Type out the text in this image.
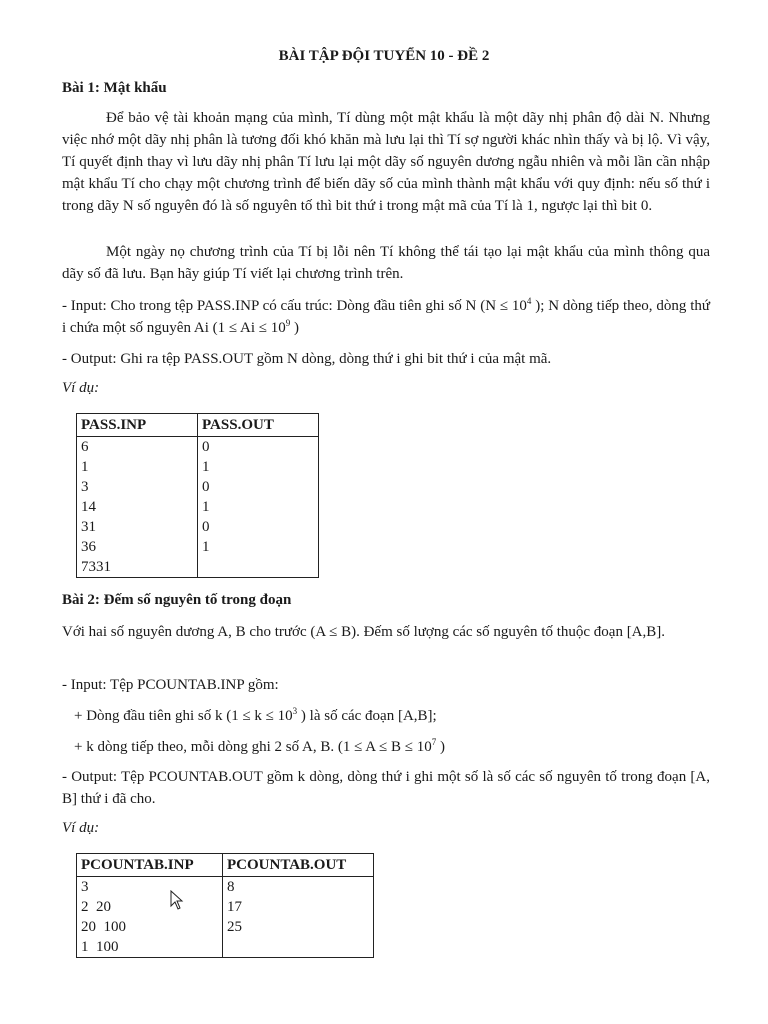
BÀI TẬP ĐỘI TUYỂN 10 - ĐỀ 2
Bài 1: Mật khẩu
Để bảo vệ tài khoản mạng của mình, Tí dùng một mật khẩu là một dãy nhị phân độ dài N. Nhưng việc nhớ một dãy nhị phân là tương đối khó khăn mà lưu lại thì Tí sợ người khác nhìn thấy và bị lộ. Vì vậy, Tí quyết định thay vì lưu dãy nhị phân Tí lưu lại một dãy số nguyên dương ngẫu nhiên và mỗi lần cần nhập mật khẩu Tí cho chạy một chương trình để biến dãy số của mình thành mật khẩu với quy định: nếu số thứ i trong dãy N số nguyên đó là số nguyên tố thì bit thứ i trong mật mã của Tí là 1, ngược lại thì bit 0.
Một ngày nọ chương trình của Tí bị lỗi nên Tí không thể tái tạo lại mật khẩu của mình thông qua dãy số đã lưu. Bạn hãy giúp Tí viết lại chương trình trên.
- Input: Cho trong tệp PASS.INP có cấu trúc: Dòng đầu tiên ghi số N ($N \le 10^4$ ); N dòng tiếp theo, dòng thứ i chứa một số nguyên Ai ($1 \le Ai \le 10^9$ )
- Output: Ghi ra tệp PASS.OUT gồm N dòng, dòng thứ i ghi bit thứ i của mật mã.
Ví dụ:
PASS.INP	PASS.OUT
6	0
1	1
3	0
14	1
31	0
36	1
7331	
Bài 2: Đếm số nguyên tố trong đoạn
Với hai số nguyên dương A, B cho trước (A ≤ B). Đếm số lượng các số nguyên tố thuộc đoạn [A,B].
- Input: Tệp PCOUNTAB.INP gồm:
+ Dòng đầu tiên ghi số k ($1 \le k \le 10^3$ ) là số các đoạn [A,B];
+ k dòng tiếp theo, mỗi dòng ghi 2 số A, B. ($1 \le A \le B \le 10^7$ )
- Output: Tệp PCOUNTAB.OUT gồm k dòng, dòng thứ i ghi một số là số các số nguyên tố trong đoạn [A, B] thứ i đã cho.
Ví dụ:
PCOUNTAB.INP	PCOUNTAB.OUT
3	8
2  20	17
20  100	25
1  100	
